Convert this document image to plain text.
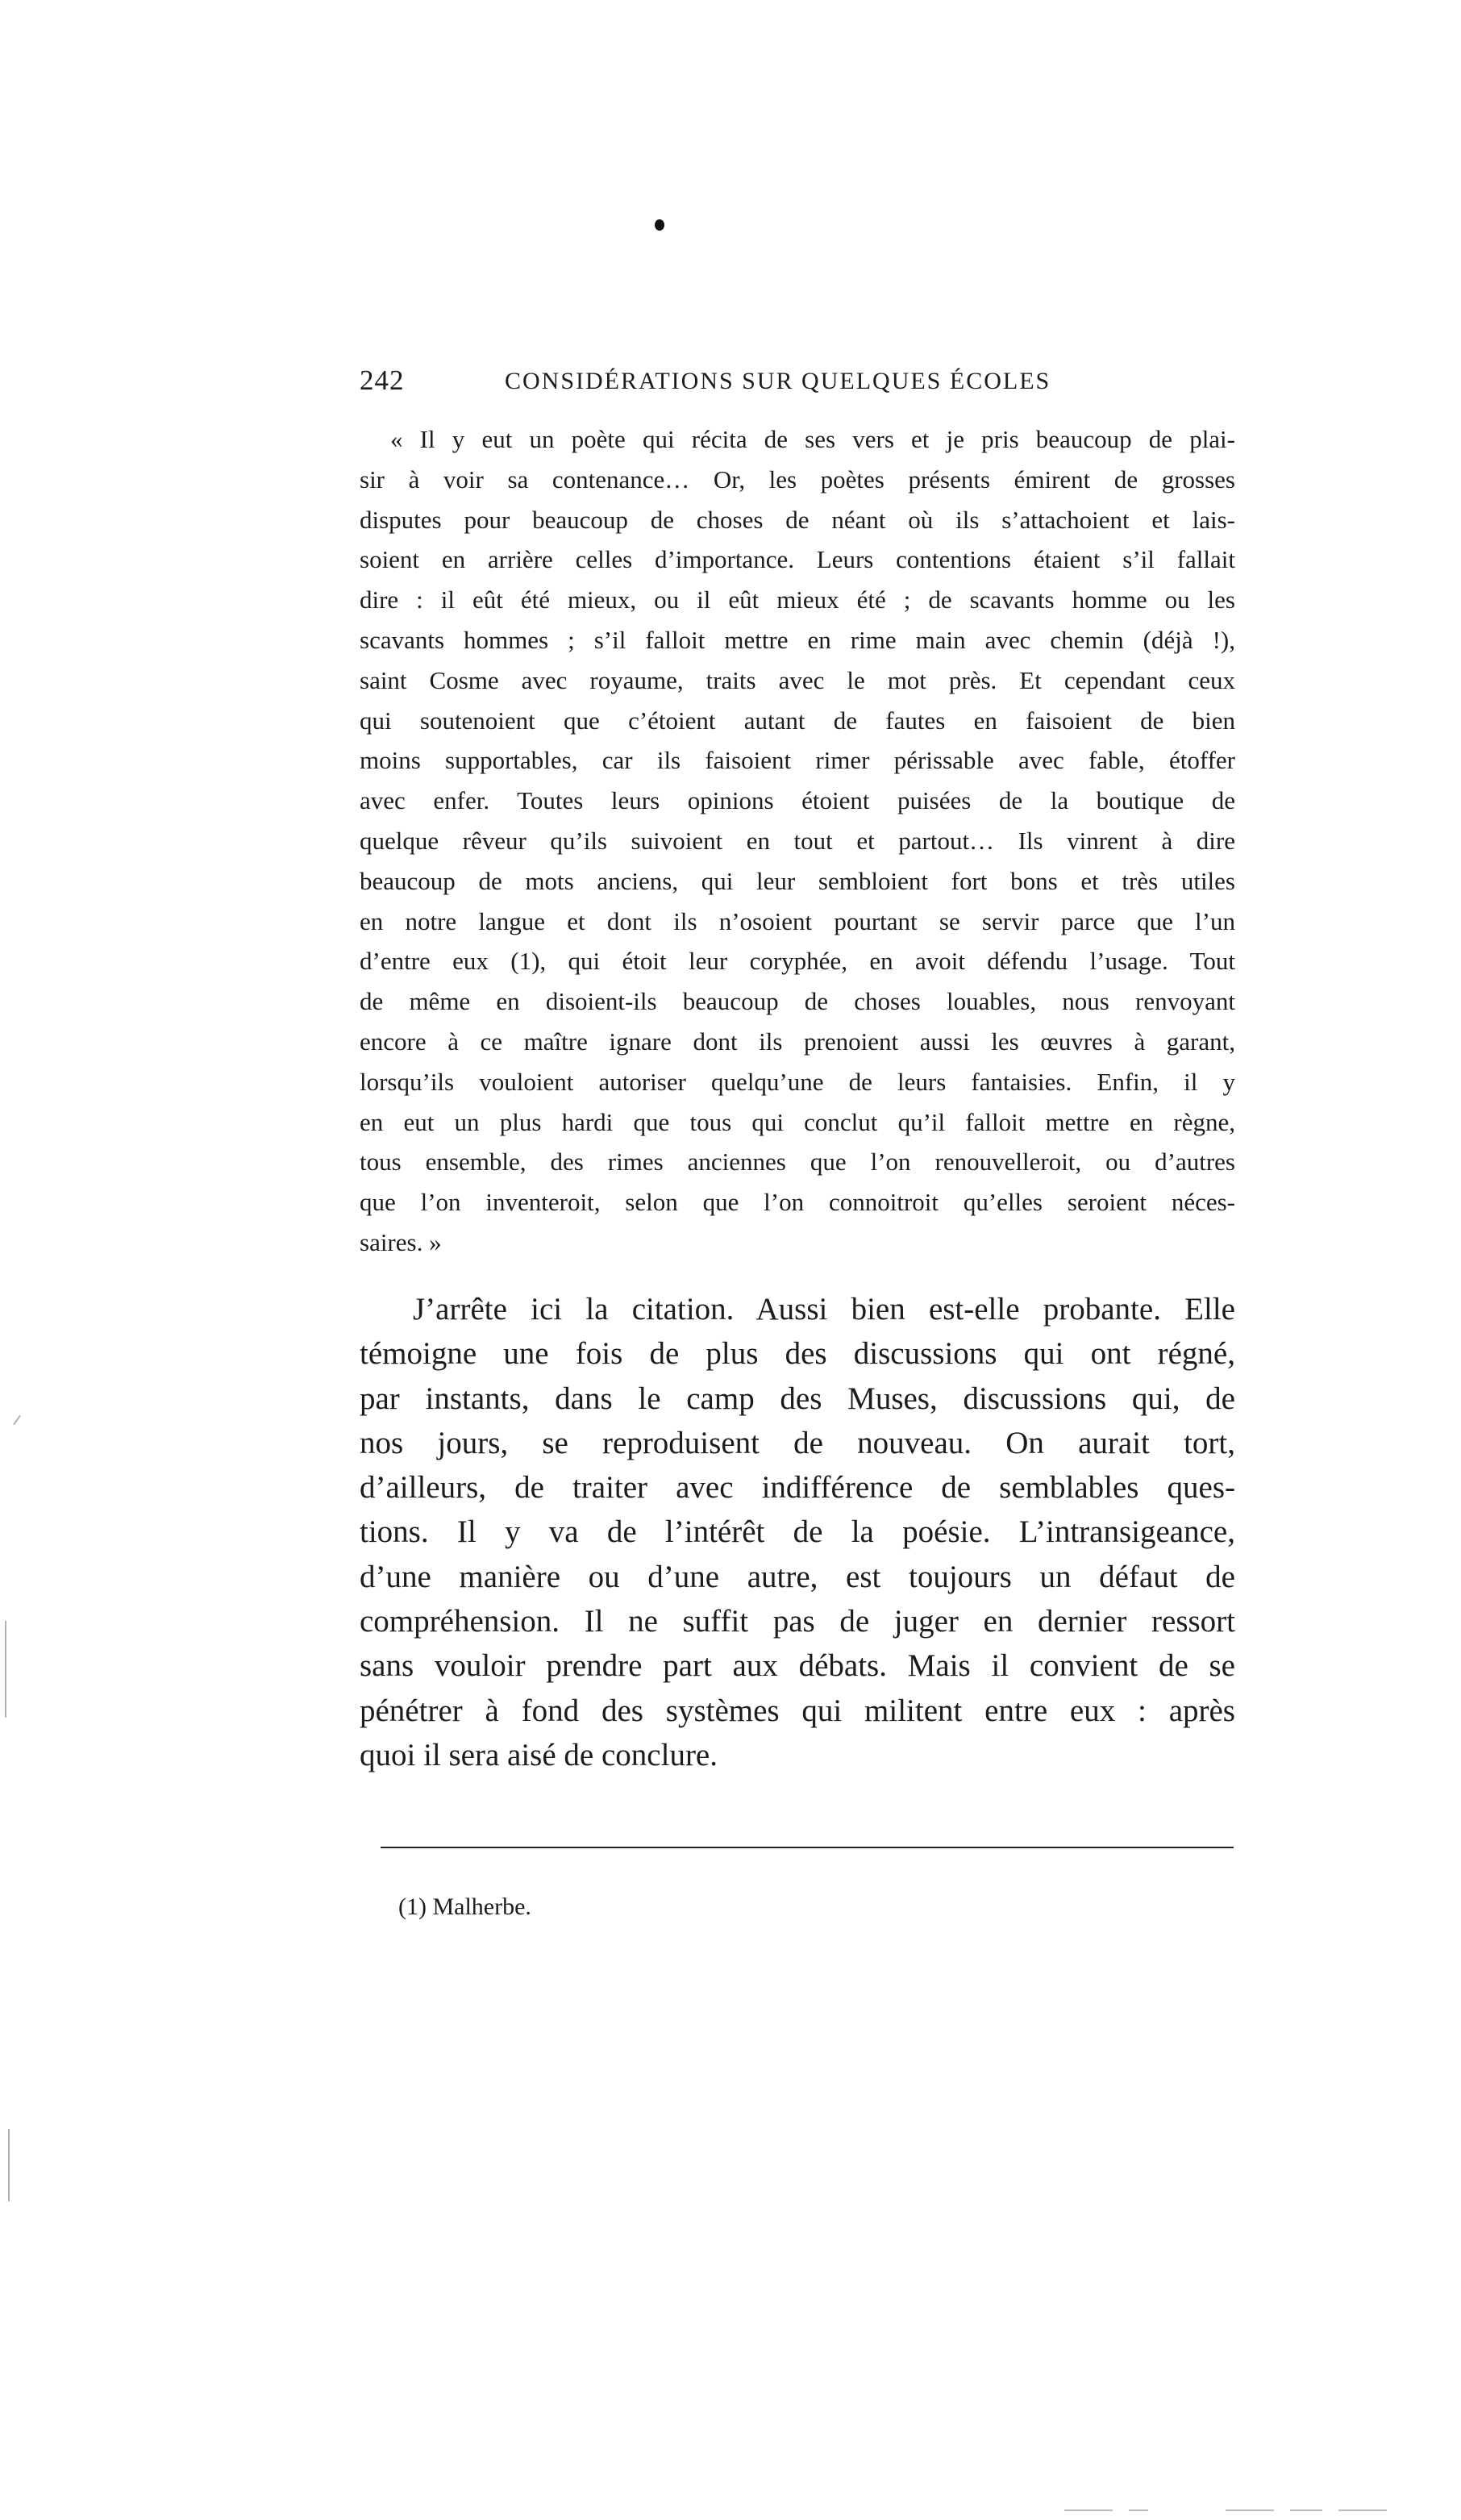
242	CONSIDÉRATIONS SUR QUELQUES ÉCOLES
« Il y eut un poète qui récita de ses vers et je pris beaucoup de plai-
sir à voir sa contenance… Or, les poètes présents émirent de grosses
disputes pour beaucoup de choses de néant où ils s’attachoient et lais-
soient en arrière celles d’importance. Leurs contentions étaient s’il fallait
dire : il eût été mieux, ou il eût mieux été ; de scavants homme ou les
scavants hommes ; s’il falloit mettre en rime main avec chemin (déjà !),
saint Cosme avec royaume, traits avec le mot près. Et cependant ceux
qui soutenoient que c’étoient autant de fautes en faisoient de bien
moins supportables, car ils faisoient rimer périssable avec fable, étoffer
avec enfer. Toutes leurs opinions étoient puisées de la boutique de
quelque rêveur qu’ils suivoient en tout et partout… Ils vinrent à dire
beaucoup de mots anciens, qui leur sembloient fort bons et très utiles
en notre langue et dont ils n’osoient pourtant se servir parce que l’un
d’entre eux (1), qui étoit leur coryphée, en avoit défendu l’usage. Tout
de même en disoient-ils beaucoup de choses louables, nous renvoyant
encore à ce maître ignare dont ils prenoient aussi les œuvres à garant,
lorsqu’ils vouloient autoriser quelqu’une de leurs fantaisies. Enfin, il y
en eut un plus hardi que tous qui conclut qu’il falloit mettre en règne,
tous ensemble, des rimes anciennes que l’on renouvelleroit, ou d’autres
que l’on inventeroit, selon que l’on connoitroit qu’elles seroient néces-
saires. »
J’arrête ici la citation. Aussi bien est-elle probante. Elle
témoigne une fois de plus des discussions qui ont régné,
par instants, dans le camp des Muses, discussions qui, de
nos jours, se reproduisent de nouveau. On aurait tort,
d’ailleurs, de traiter avec indifférence de semblables ques-
tions. Il y va de l’intérêt de la poésie. L’intransigeance,
d’une manière ou d’une autre, est toujours un défaut de
compréhension. Il ne suffit pas de juger en dernier ressort
sans vouloir prendre part aux débats. Mais il convient de se
pénétrer à fond des systèmes qui militent entre eux : après
quoi il sera aisé de conclure.
(1) Malherbe.
